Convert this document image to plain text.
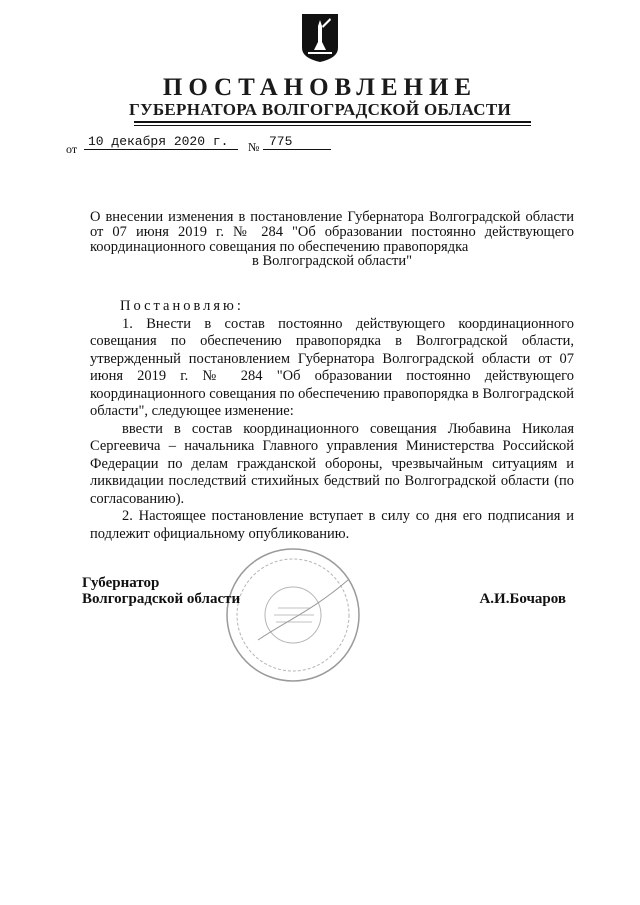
ПОСТАНОВЛЕНИЕ
ГУБЕРНАТОРА ВОЛГОГРАДСКОЙ ОБЛАСТИ
от 10 декабря 2020 г.	№ 775
О внесении изменения в постановление Губернатора Волгоградской области от 07 июня 2019 г. № 284 "Об образовании постоянно действующего координационного совещания по обеспечению правопорядка
в Волгоградской области"

Постановляю:

1. Внести в состав постоянно действующего координационного совещания по обеспечению правопорядка в Волгоградской области, утвержденный постановлением Губернатора Волгоградской области от 07 июня 2019 г. № 284 "Об образовании постоянно действующего координационного совещания по обеспечению правопорядка в Волгоградской области", следующее изменение:

ввести в состав координационного совещания Любавина Николая Сергеевича – начальника Главного управления Министерства Российской Федерации по делам гражданской обороны, чрезвычайным ситуациям и ликвидации последствий стихийных бедствий по Волгоградской области (по согласованию).

2. Настоящее постановление вступает в силу со дня его подписания и подлежит официальному опубликованию.

Губернатор
Волгоградской области	А.И.Бочаров
